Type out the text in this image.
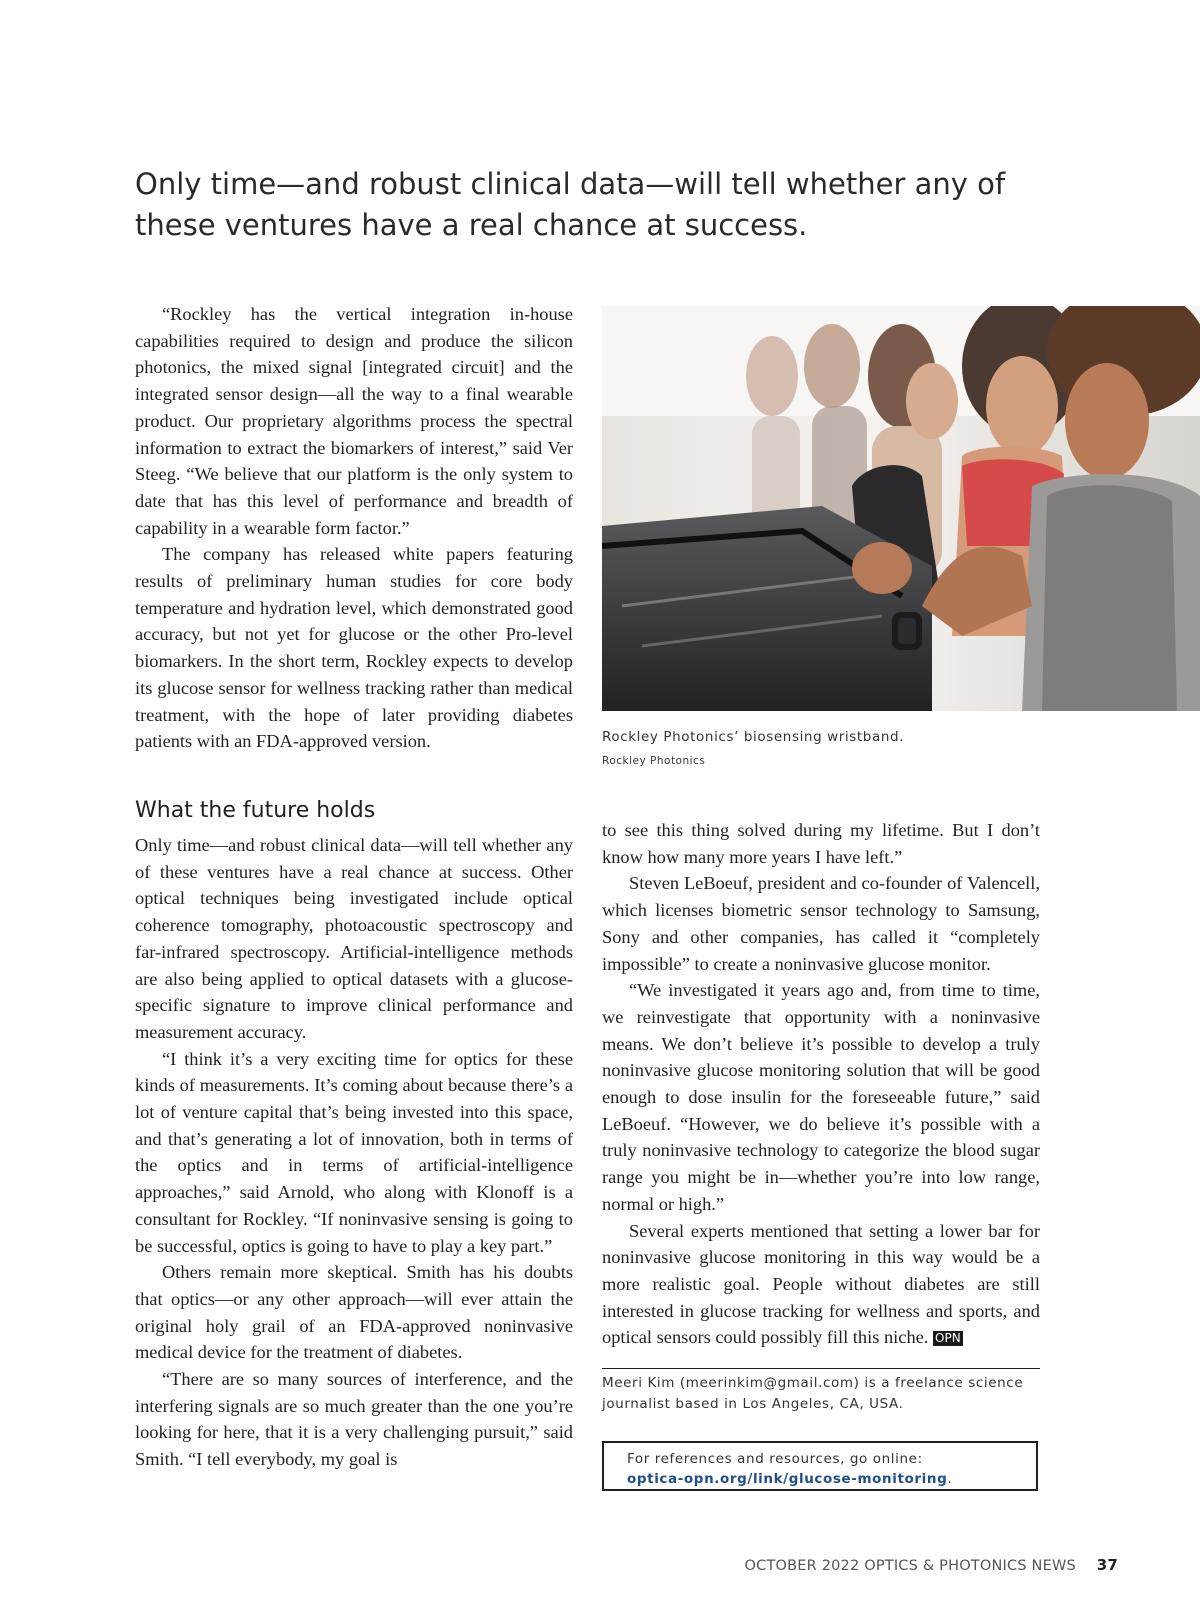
Only time—and robust clinical data—will tell whether any of these ventures have a real chance at success.

“Rockley has the vertical integration in-house capabilities required to design and produce the silicon photonics, the mixed signal [integrated circuit] and the integrated sensor design—all the way to a final wearable product. Our proprietary algorithms process the spectral information to extract the biomarkers of interest,” said Ver Steeg. “We believe that our platform is the only system to date that has this level of performance and breadth of capability in a wearable form factor.”

The company has released white papers featuring results of preliminary human studies for core body temperature and hydration level, which demonstrated good accuracy, but not yet for glucose or the other Pro-level biomarkers. In the short term, Rockley expects to develop its glucose sensor for wellness tracking rather than medical treatment, with the hope of later providing diabetes patients with an FDA-approved version.	Rockley Photonics’ biosensing wristband.
Rockley Photonics
What the future holds

Only time—and robust clinical data—will tell whether any of these ventures have a real chance at success. Other optical techniques being investigated include optical coherence tomography, photoacoustic spectroscopy and far-infrared spectroscopy. Artificial-intelligence methods are also being applied to optical datasets with a glucose-specific signature to improve clinical performance and measurement accuracy.

“I think it’s a very exciting time for optics for these kinds of measurements. It’s coming about because there’s a lot of venture capital that’s being invested into this space, and that’s generating a lot of innovation, both in terms of the optics and in terms of artificial-intelligence approaches,” said Arnold, who along with Klonoff is a consultant for Rockley. “If noninvasive sensing is going to be successful, optics is going to have to play a key part.”

Others remain more skeptical. Smith has his doubts that optics—or any other approach—will ever attain the original holy grail of an FDA-approved noninvasive medical device for the treatment of diabetes.

“There are so many sources of interference, and the interfering signals are so much greater than the one you’re looking for here, that it is a very challenging pursuit,” said Smith. “I tell everybody, my goal is

to see this thing solved during my lifetime. But I don’t know how many more years I have left.”

Steven LeBoeuf, president and co-founder of Valencell, which licenses biometric sensor technology to Samsung, Sony and other companies, has called it “completely impossible” to create a noninvasive glucose monitor.

“We investigated it years ago and, from time to time, we reinvestigate that opportunity with a noninvasive means. We don’t believe it’s possible to develop a truly noninvasive glucose monitoring solution that will be good enough to dose insulin for the foreseeable future,” said LeBoeuf. “However, we do believe it’s possible with a truly noninvasive technology to categorize the blood sugar range you might be in—whether you’re into low range, normal or high.”

Several experts mentioned that setting a lower bar for noninvasive glucose monitoring in this way would be a more realistic goal. People without diabetes are still interested in glucose tracking for wellness and sports, and optical sensors could possibly fill this niche. OPN

Meeri Kim (meerinkim@gmail.com) is a freelance science journalist based in Los Angeles, CA, USA.
For references and resources, go online:
optica-opn.org/link/glucose-monitoring.
OCTOBER 2022 OPTICS & PHOTONICS NEWS 37
